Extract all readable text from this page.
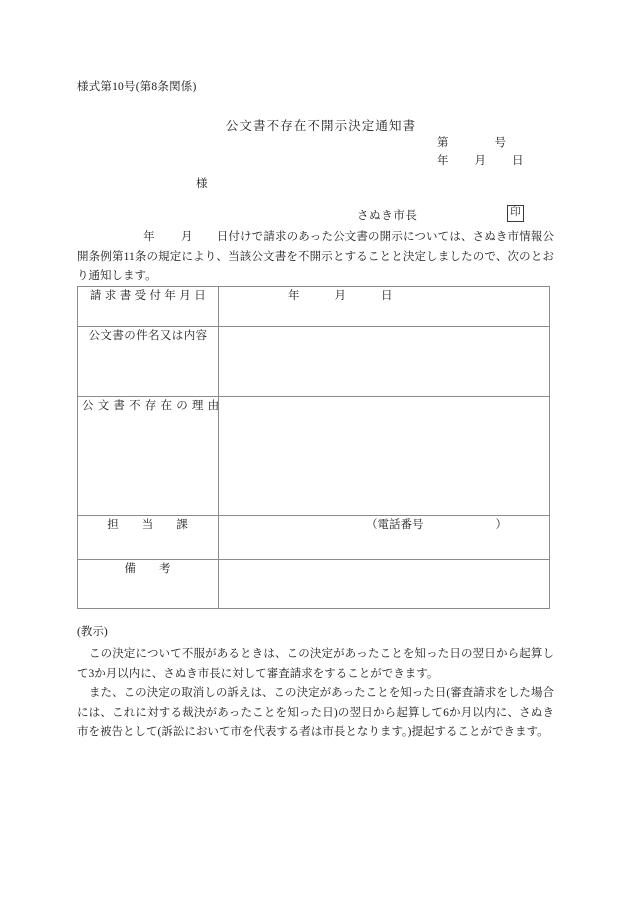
様式第10号(第8条関係)
公文書不存在不開示決定通知書
第	号
年 月 日
様
さぬき市長	印
年 月 日付けで請求のあった公文書の開示については、さぬき市情報公開条例第11条の規定により、当該公文書を不開示とすることと決定しましたので、次のとおり通知します。
請求書受付年月日	年 月 日

公文書の件名又は内容	

公文書不存在の理由	

担当課	（電話番号 ）

備考	

(教示)

この決定について不服があるときは、この決定があったことを知った日の翌日から起算して3か月以内に、さぬき市長に対して審査請求をすることができます。

また、この決定の取消しの訴えは、この決定があったことを知った日(審査請求をした場合には、これに対する裁決があったことを知った日)の翌日から起算して6か月以内に、さぬき市を被告として(訴訟において市を代表する者は市長となります。)提起することができます。
